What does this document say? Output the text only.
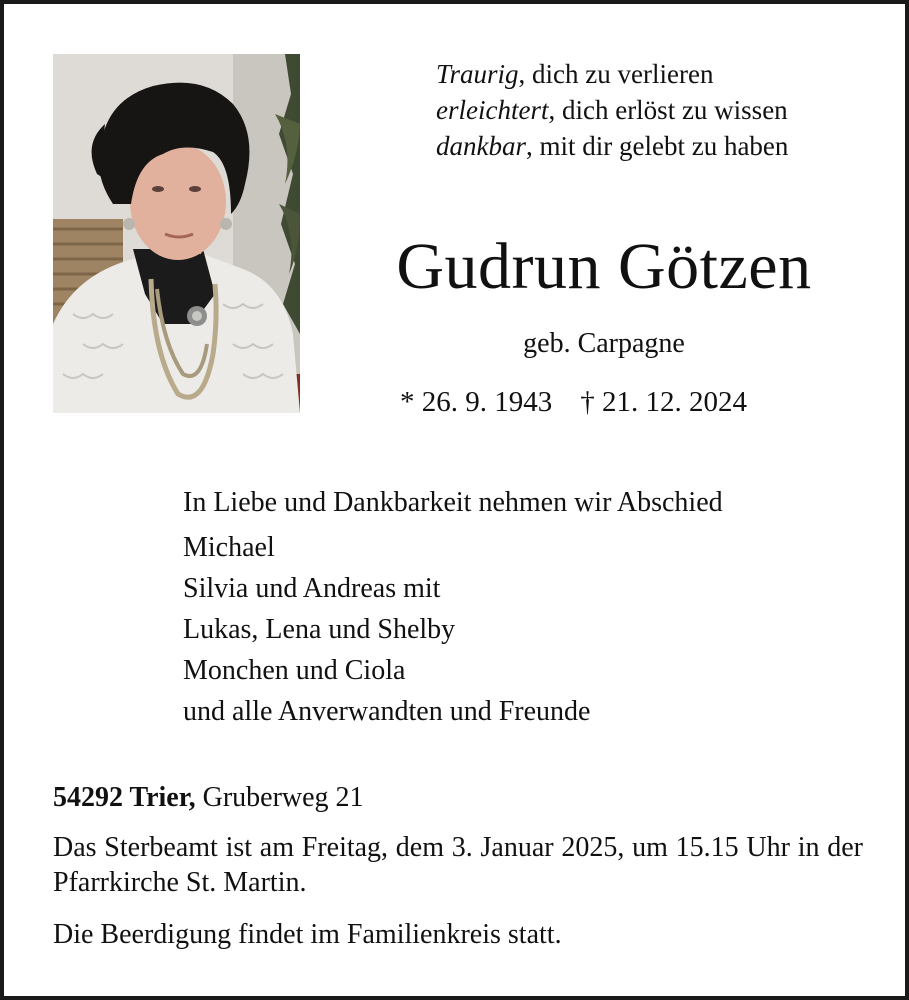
Traurig, dich zu verlieren
erleichtert, dich erlöst zu wissen
dankbar, mit dir gelebt zu haben
Gudrun Götzen
geb. Carpagne
* 26. 9. 1943 † 21. 12. 2024
In Liebe und Dankbarkeit nehmen wir Abschied
Michael
Silvia und Andreas mit
Lukas, Lena und Shelby
Monchen und Ciola
und alle Anverwandten und Freunde
54292 Trier, Gruberweg 21
Das Sterbeamt ist am Freitag, dem 3. Januar 2025, um 15.15 Uhr in der Pfarrkirche St. Martin.
Die Beerdigung findet im Familienkreis statt.
